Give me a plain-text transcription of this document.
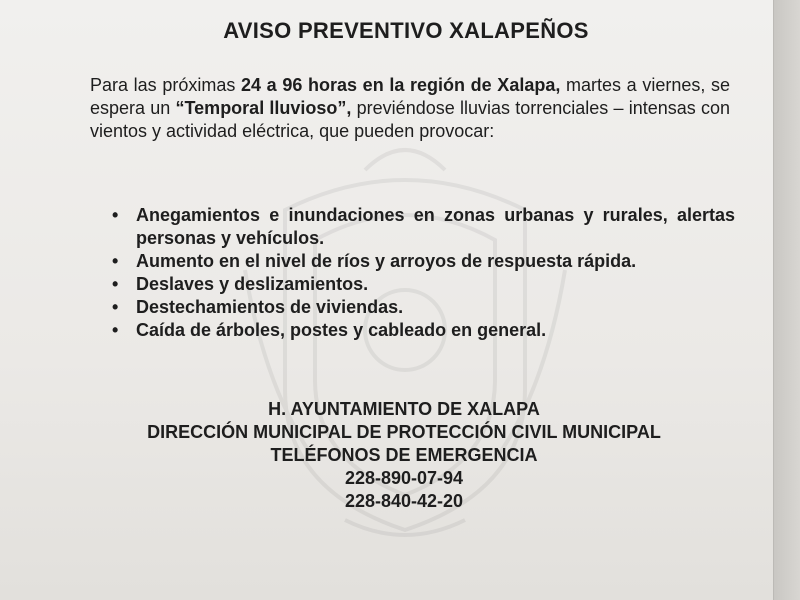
AVISO PREVENTIVO XALAPEÑOS

Para las próximas 24 a 96 horas en la región de Xalapa, martes a viernes, se espera un “Temporal lluvioso”, previéndose lluvias torrenciales – intensas con vientos y actividad eléctrica, que pueden provocar:

• Anegamientos e inundaciones en zonas urbanas y rurales, alertas personas y vehículos.
• Aumento en el nivel de ríos y arroyos de respuesta rápida.
• Deslaves y deslizamientos.
• Destechamientos de viviendas.
• Caída de árboles, postes y cableado en general.
H. AYUNTAMIENTO DE XALAPA
DIRECCIÓN MUNICIPAL DE PROTECCIÓN CIVIL MUNICIPAL
TELÉFONOS DE EMERGENCIA
228-890-07-94
228-840-42-20
